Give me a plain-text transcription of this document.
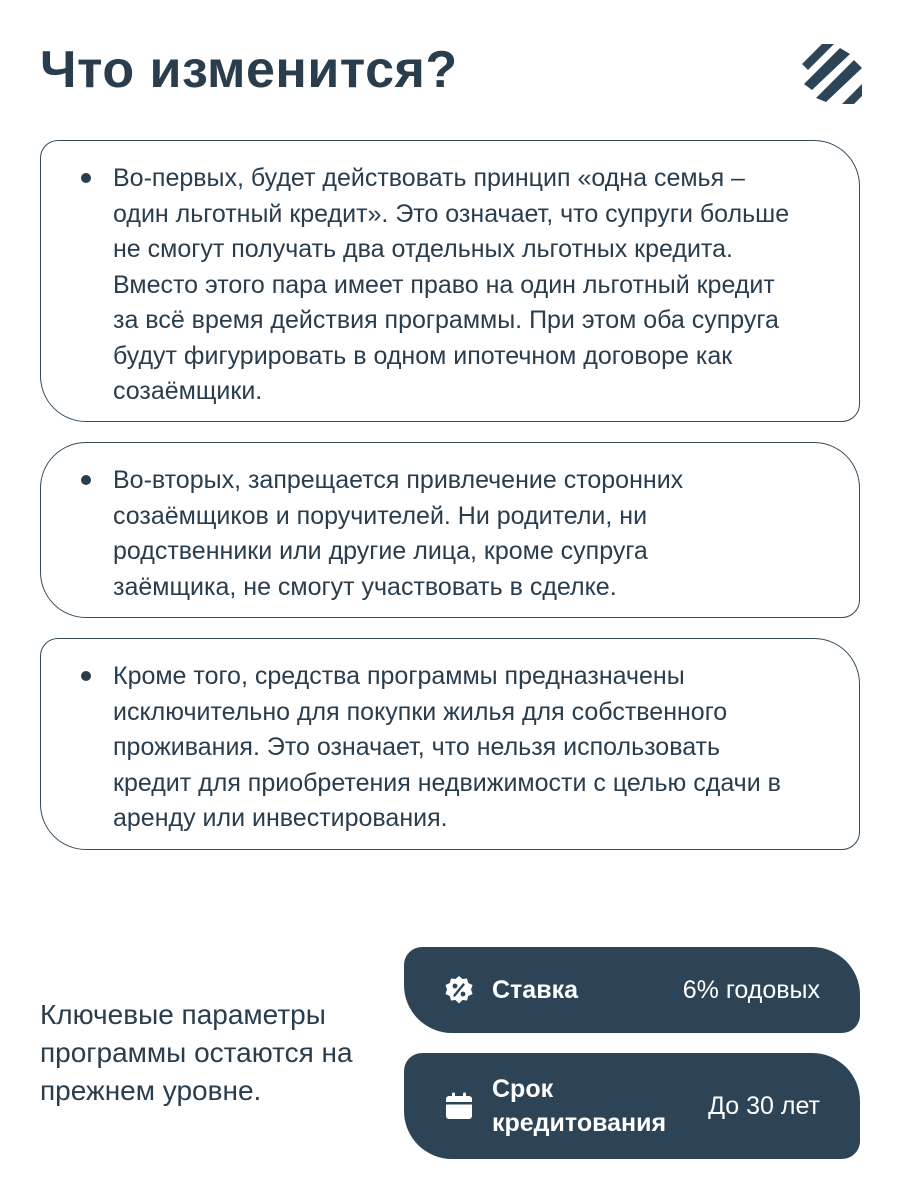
Что изменится?
Во-первых, будет действовать принцип «одна семья – один льготный кредит». Это означает, что супруги больше не смогут получать два отдельных льготных кредита. Вместо этого пара имеет право на один льготный кредит за всё время действия программы. При этом оба супруга будут фигурировать в одном ипотечном договоре как созаёмщики.
Во-вторых, запрещается привлечение сторонних созаёмщиков и поручителей. Ни родители, ни родственники или другие лица, кроме супруга заёмщика, не смогут участвовать в сделке.
Кроме того, средства программы предназначены исключительно для покупки жилья для собственного проживания. Это означает, что нельзя использовать кредит для приобретения недвижимости с целью сдачи в аренду или инвестирования.
Ключевые параметры программы остаются на прежнем уровне.
Ставка	6% годовых
Срок кредитования
До 30 лет
